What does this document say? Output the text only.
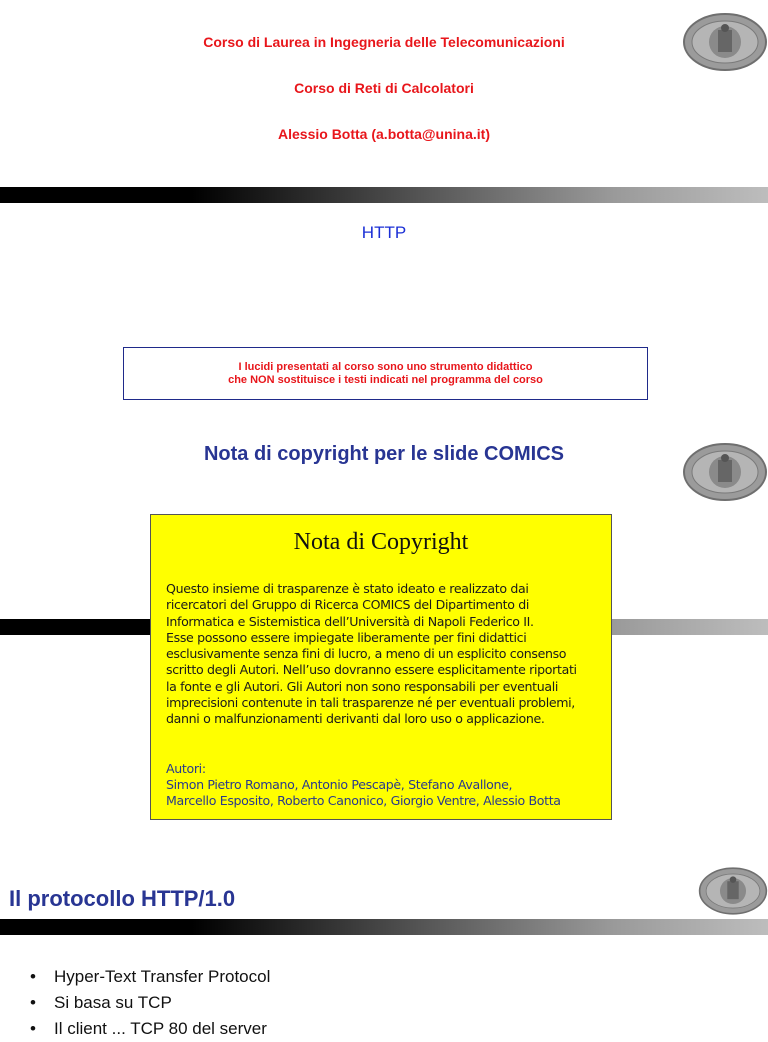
Corso di Laurea in Ingegneria delle Telecomunicazioni
Corso di Reti di Calcolatori
Alessio Botta (a.botta@unina.it)
HTTP
I lucidi presentati al corso sono uno strumento didattico
che NON sostituisce i testi indicati nel programma del corso
Nota di copyright per le slide COMICS
Nota di Copyright
Questo insieme di trasparenze è stato ideato e realizzato dai
ricercatori del Gruppo di Ricerca COMICS del Dipartimento di
Informatica e Sistemistica dell’Università di Napoli Federico II.
Esse possono essere impiegate liberamente per fini didattici
esclusivamente senza fini di lucro, a meno di un esplicito consenso
scritto degli Autori. Nell’uso dovranno essere esplicitamente riportati
la fonte e gli Autori. Gli Autori non sono responsabili per eventuali
imprecisioni contenute in tali trasparenze né per eventuali problemi,
danni o malfunzionamenti derivanti dal loro uso o applicazione.
Autori:
Simon Pietro Romano, Antonio Pescapè, Stefano Avallone,
Marcello Esposito, Roberto Canonico, Giorgio Ventre, Alessio Botta
Il protocollo HTTP/1.0
• Hyper-Text Transfer Protocol
• Si basa su TCP
• Il client ... TCP 80 del server
